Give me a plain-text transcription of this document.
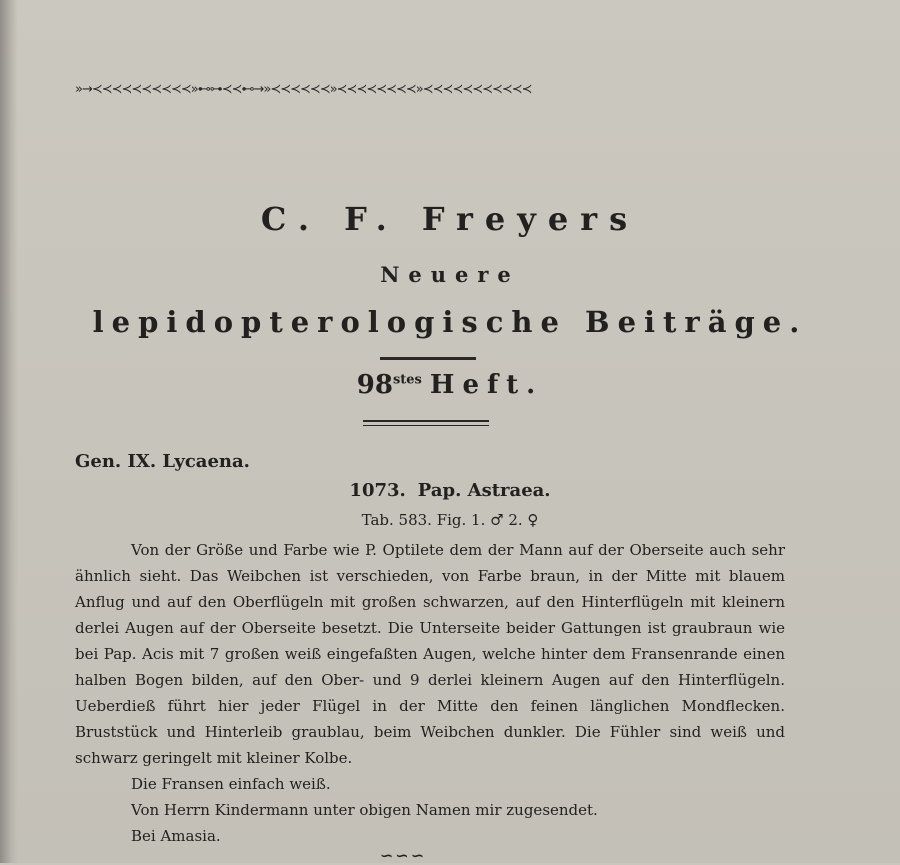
»→≺≺≺≺≺≺≺≺≺≺»⊷⊶≺≺⊷→»≺≺≺≺≺≺»≺≺≺≺≺≺≺≺»≺≺≺≺≺≺≺≺≺≺≺
C. F. Freyers
Neuere
lepidopterologische Beiträge.
$98^{stes}$ Heft.
Gen. IX. Lycaena.
1073. Pap. Astraea.
Tab. 583. Fig. 1. ♂ 2. ♀

Von der Größe und Farbe wie P. Optilete dem der Mann auf der Oberseite auch sehr ähnlich sieht. Das Weibchen ist verschieden, von Farbe braun, in der Mitte mit blauem Anflug und auf den Oberflügeln mit großen schwarzen, auf den Hinterflügeln mit kleinern derlei Augen auf der Oberseite besetzt. Die Unterseite beider Gattungen ist graubraun wie bei Pap. Acis mit 7 großen weiß eingefaßten Augen, welche hinter dem Fransenrande einen halben Bogen bilden, auf den Ober- und 9 derlei kleinern Augen auf den Hinterflügeln. Ueberdieß führt hier jeder Flügel in der Mitte den feinen länglichen Mondflecken. Bruststück und Hinterleib graublau, beim Weibchen dunkler. Die Fühler sind weiß und schwarz geringelt mit kleiner Kolbe.

Die Fransen einfach weiß.

Von Herrn Kindermann unter obigen Namen mir zugesendet.

Bei Amasia.

∽∽∽
